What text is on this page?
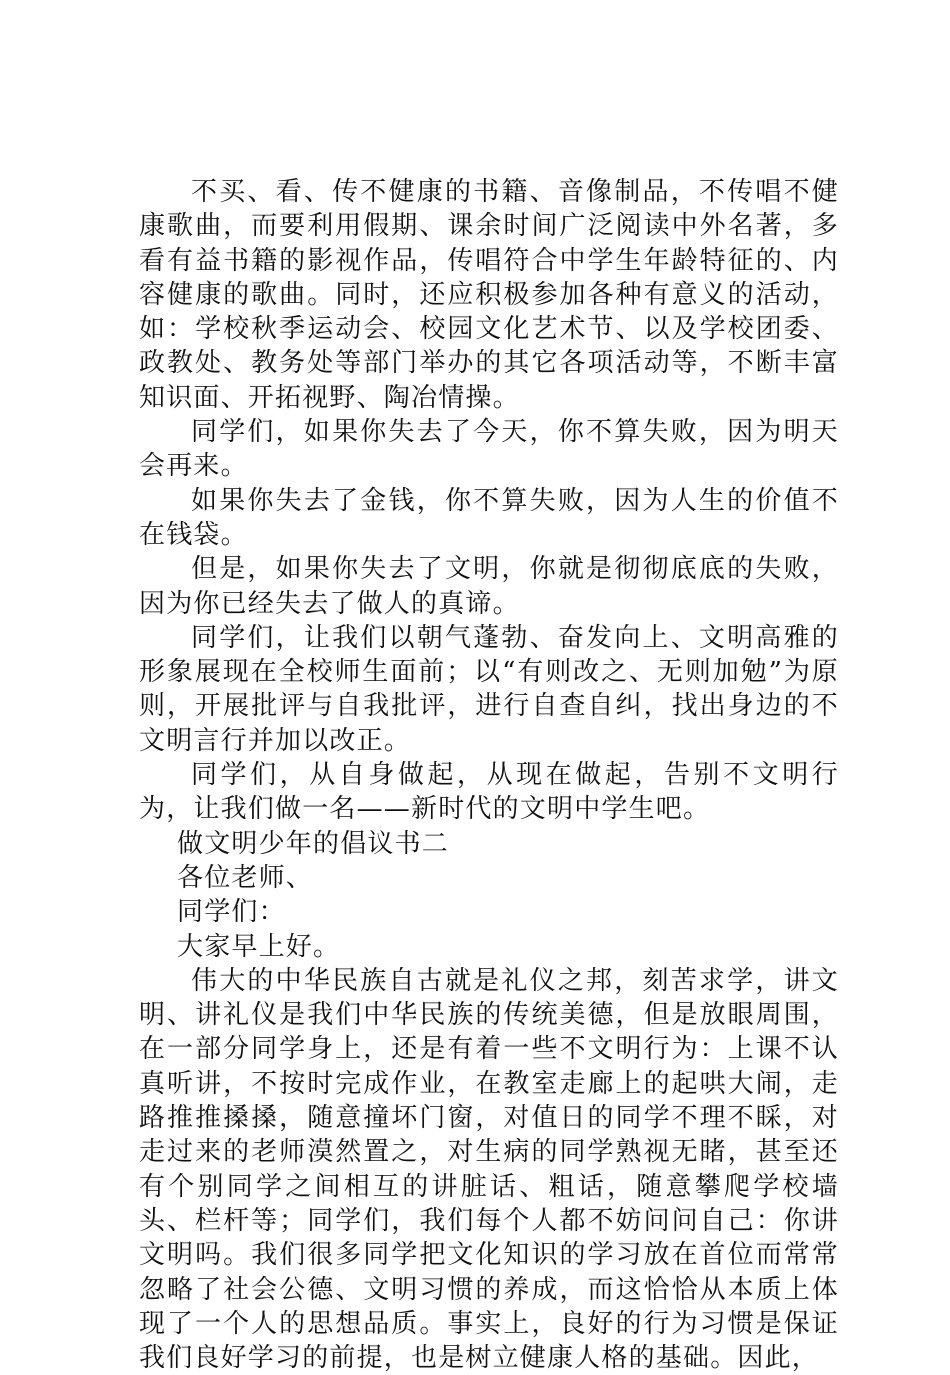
不买、看、传不健康的书籍、音像制品，不传唱不健康歌曲，而要利用假期、课余时间广泛阅读中外名著，多看有益书籍的影视作品，传唱符合中学生年龄特征的、内容健康的歌曲。同时，还应积极参加各种有意义的活动，如：学校秋季运动会、校园文化艺术节、以及学校团委、政教处、教务处等部门举办的其它各项活动等，不断丰富知识面、开拓视野、陶冶情操。

同学们，如果你失去了今天，你不算失败，因为明天会再来。

如果你失去了金钱，你不算失败，因为人生的价值不在钱袋。

但是，如果你失去了文明，你就是彻彻底底的失败，因为你已经失去了做人的真谛。

同学们，让我们以朝气蓬勃、奋发向上、文明高雅的形象展现在全校师生面前；以“有则改之、无则加勉”为原则，开展批评与自我批评，进行自查自纠，找出身边的不文明言行并加以改正。

同学们，从自身做起，从现在做起，告别不文明行为，让我们做一名——新时代的文明中学生吧。

做文明少年的倡议书二

各位老师、

同学们：

大家早上好。

伟大的中华民族自古就是礼仪之邦，刻苦求学，讲文明、讲礼仪是我们中华民族的传统美德，但是放眼周围，在一部分同学身上，还是有着一些不文明行为：上课不认真听讲，不按时完成作业，在教室走廊上的起哄大闹，走路推推搡搡，随意撞坏门窗，对值日的同学不理不睬，对走过来的老师漠然置之，对生病的同学熟视无睹，甚至还有个别同学之间相互的讲脏话、粗话，随意攀爬学校墙头、栏杆等；同学们，我们每个人都不妨问问自己：你讲文明吗。我们很多同学把文化知识的学习放在首位而常常忽略了社会公德、文明习惯的养成，而这恰恰从本质上体现了一个人的思想品质。事实上，良好的行为习惯是保证我们良好学习的前提，也是树立健康人格的基础。因此，
